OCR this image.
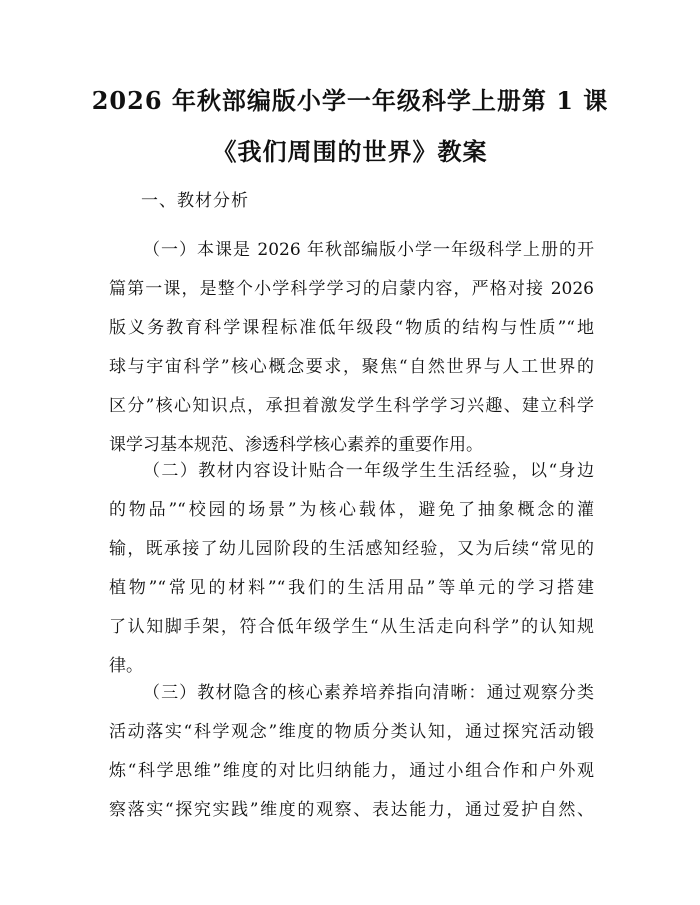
2026 年秋部编版小学一年级科学上册第 1 课
《我们周围的世界》教案
一、教材分析
（一）本课是 2026 年秋部编版小学一年级科学上册的开
篇第一课，是整个小学科学学习的启蒙内容，严格对接 2026
版义务教育科学课程标准低年级段“物质的结构与性质”“地
球与宇宙科学”核心概念要求，聚焦“自然世界与人工世界的
区分”核心知识点，承担着激发学生科学学习兴趣、建立科学
课学习基本规范、渗透科学核心素养的重要作用。
（二）教材内容设计贴合一年级学生生活经验，以“身边
的物品”“校园的场景”为核心载体，避免了抽象概念的灌
输，既承接了幼儿园阶段的生活感知经验，又为后续“常见的
植物”“常见的材料”“我们的生活用品”等单元的学习搭建
了认知脚手架，符合低年级学生“从生活走向科学”的认知规
律。
（三）教材隐含的核心素养培养指向清晰：通过观察分类
活动落实“科学观念”维度的物质分类认知，通过探究活动锻
炼“科学思维”维度的对比归纳能力，通过小组合作和户外观
察落实“探究实践”维度的观察、表达能力，通过爱护自然、
